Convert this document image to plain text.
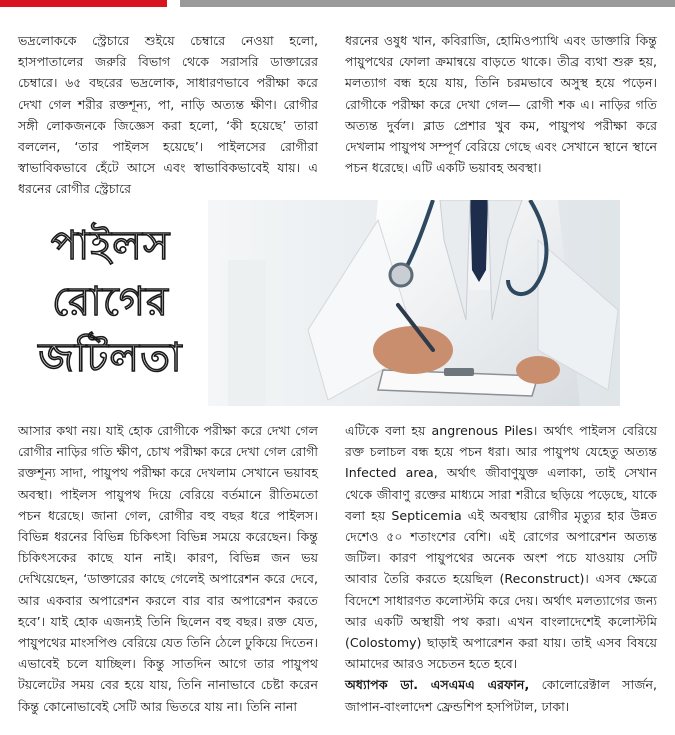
ভদ্রলোককে স্ট্রেচারে শুইয়ে চেম্বারে নেওয়া হলো, হাসপাতালের জরুরি বিভাগ থেকে সরাসরি ডাক্তারের চেম্বারে। ৬৫ বছরের ভদ্রলোক, সাধারণভাবে পরীক্ষা করে দেখা গেল শরীর রক্তশূন্য, পা, নাড়ি অত্যন্ত ক্ষীণ। রোগীর সঙ্গী লোকজনকে জিজ্ঞেস করা হলো, ‘কী হয়েছে’ তারা বললেন, ‘তার পাইলস হয়েছে’। পাইলসের রোগীরা স্বাভাবিকভাবে হেঁটে আসে এবং স্বাভাবিকভাবেই যায়। এ ধরনের রোগীর স্ট্রেচারে

ধরনের ওষুধ খান, কবিরাজি, হোমিওপ্যাথি এবং ডাক্তারি কিন্তু পায়ুপথের ফোলা ক্রমান্বয়ে বাড়তে থাকে। তীব্র ব্যথা শুরু হয়, মলত্যাগ বন্ধ হয়ে যায়, তিনি চরমভাবে অসুস্থ হয়ে পড়েন। রোগীকে পরীক্ষা করে দেখা গেল— রোগী শক এ। নাড়ির গতি অত্যন্ত দুর্বল। ব্লাড প্রেশার খুব কম, পায়ুপথ পরীক্ষা করে দেখলাম পায়ুপথ সম্পূর্ণ বেরিয়ে গেছে এবং সেখানে স্থানে স্থানে পচন ধরেছে। এটি একটি ভয়াবহ অবস্থা।

পাইলস
রোগের
জটিলতা

আসার কথা নয়। যাই হোক রোগীকে পরীক্ষা করে দেখা গেল রোগীর নাড়ির গতি ক্ষীণ, চোখ পরীক্ষা করে দেখা গেল রোগী রক্তশূন্য সাদা, পায়ুপথ পরীক্ষা করে দেখলাম সেখানে ভয়াবহ অবস্থা। পাইলস পায়ুপথ দিয়ে বেরিয়ে বর্তমানে রীতিমতো পচন ধরেছে। জানা গেল, রোগীর বহু বছর ধরে পাইলস। বিভিন্ন ধরনের বিভিন্ন চিকিৎসা বিভিন্ন সময়ে করেছেন। কিন্তু চিকিৎসকের কাছে যান নাই। কারণ, বিভিন্ন জন ভয় দেখিয়েছেন, ‘ডাক্তারের কাছে গেলেই অপারেশন করে দেবে, আর একবার অপারেশন করলে বার বার অপারেশন করতে হবে’। যাই হোক এজন্যই তিনি ছিলেন বহু বছর। রক্ত যেত, পায়ুপথের মাংসপিণ্ড বেরিয়ে যেত তিনি ঠেলে ঢুকিয়ে দিতেন। এভাবেই চলে যাচ্ছিল। কিন্তু সাতদিন আগে তার পায়ুপথ টয়লেটের সময় বের হয়ে যায়, তিনি নানাভাবে চেষ্টা করেন কিন্তু কোনোভাবেই সেটি আর ভিতরে যায় না। তিনি নানা

এটিকে বলা হয় angrenous Piles। অর্থাৎ পাইলস বেরিয়ে রক্ত চলাচল বন্ধ হয়ে পচন ধরা। আর পায়ুপথ যেহেতু অত্যন্ত Infected area, অর্থাৎ জীবাণুযুক্ত এলাকা, তাই সেখান থেকে জীবাণু রক্তের মাধ্যমে সারা শরীরে ছড়িয়ে পড়েছে, যাকে বলা হয় Septicemia এই অবস্থায় রোগীর মৃত্যুর হার উন্নত দেশেও ৫০ শতাংশের বেশি। এই রোগের অপারেশন অত্যন্ত জটিল। কারণ পায়ুপথের অনেক অংশ পচে যাওয়ায় সেটি আবার তৈরি করতে হয়েছিল (Reconstruct)। এসব ক্ষেত্রে বিদেশে সাধারণত কলোস্টমি করে দেয়। অর্থাৎ মলত্যাগের জন্য আর একটি অস্থায়ী পথ করা। এখন বাংলাদেশেই কলোস্টমি (Colostomy) ছাড়াই অপারেশন করা যায়। তাই এসব বিষয়ে আমাদের আরও সচেতন হতে হবে।

অধ্যাপক ডা. এসএমএ এরফান, কোলোরেক্টাল সার্জন, জাপান-বাংলাদেশ ফ্রেন্ডশিপ হসপিটাল, ঢাকা।
